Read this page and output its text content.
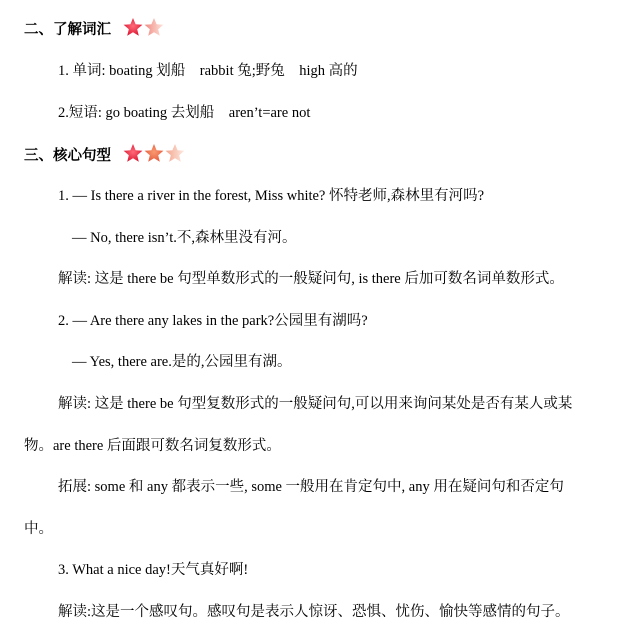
二、了解词汇
1. 单词: boating 划船　rabbit 兔;野兔　high 高的
2.短语: go boating 去划船　aren’t=are not
三、核心句型
1. — Is there a river in the forest, Miss white? 怀特老师,森林里有河吗?
— No, there isn’t.不,森林里没有河。
解读: 这是 there be 句型单数形式的一般疑问句, is there 后加可数名词单数形式。
2. — Are there any lakes in the park?公园里有湖吗?
— Yes, there are.是的,公园里有湖。
解读: 这是 there be 句型复数形式的一般疑问句,可以用来询问某处是否有某人或某
物。are there 后面跟可数名词复数形式。
拓展: some 和 any 都表示一些, some 一般用在肯定句中, any 用在疑问句和否定句
中。
3. What a nice day!天气真好啊!
解读:这是一个感叹句。感叹句是表示人惊讶、恐惧、忧伤、愉快等感情的句子。
